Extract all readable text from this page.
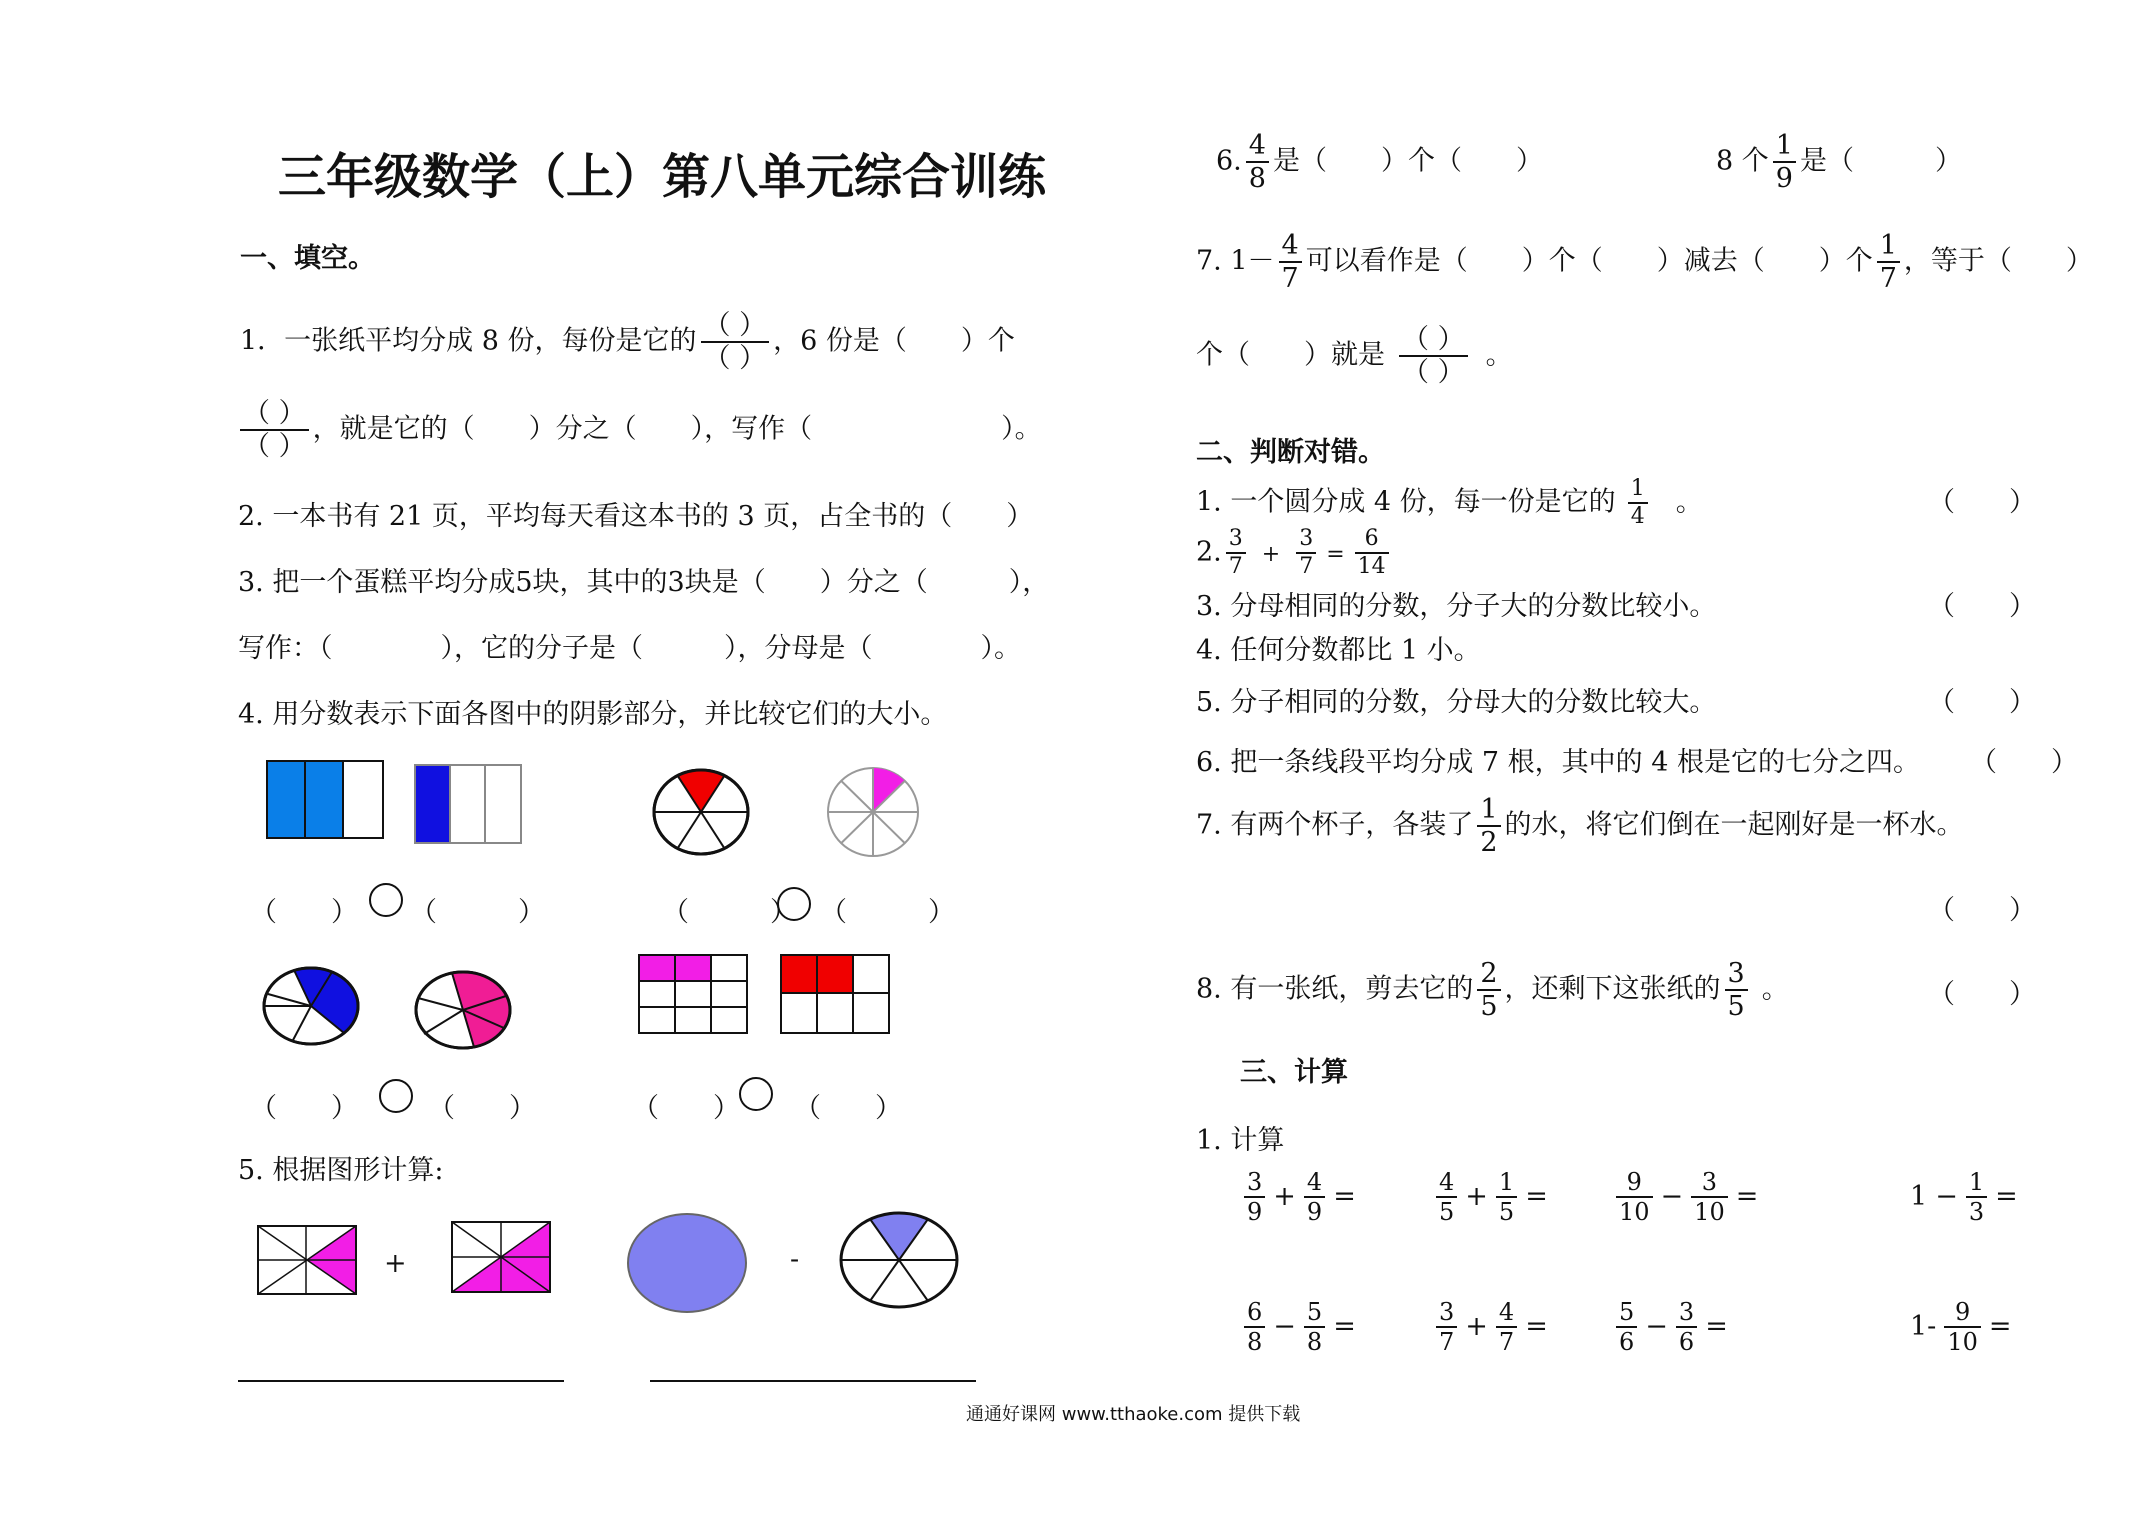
三年级数学（上）第八单元综合训练
一、填空。
1．一张纸平均分成 8 份，每份是它的 $\frac{( )}{( )}$ ，6 份是（　　）个
$\frac{( )}{( )}$ ，就是它的（　　）分之（　　），写作（　　　　　　　）。
2. 一本书有 21 页，平均每天看这本书的 3 页，占全书的（　　）
3. 把一个蛋糕平均分成5块，其中的3块是（　　）分之（　　　），
写作：（　　　　），它的分子是（　　　），分母是（　　　　）。
4. 用分数表示下面各图中的阴影部分，并比较它们的大小。
（　　） （　　　）	（　　　） （　　　）
（　　）	（　　）	（　　） （　　）
5. 根据图形计算:
+	-
6. $\frac{4}{8}$ 是（　　）个（　　）	8 个 $\frac{1}{9}$ 是（　　　）
7. $1- \frac{4}{7}$ 可以看作是（　　）个（　　）减去（　　）个 $\frac{1}{7}$ ，等于（　　）
个（　　）就是 $\frac{( )}{( )}$ 。
二、判断对错。
1. 一个圆分成 4 份，每一份是它的 $\frac{1}{4}$ 。	（　　）
2. $\frac{3}{7} + \frac{3}{7} = \frac{6}{14}$
3. 分母相同的分数，分子大的分数比较小。	（　　）
4. 任何分数都比 1 小。
5. 分子相同的分数，分母大的分数比较大。	（　　）
6. 把一条线段平均分成 7 根，其中的 4 根是它的七分之四。 （　　）
7. 有两个杯子，各装了 $\frac{1}{2}$ 的水，将它们倒在一起刚好是一杯水。
（　　）
8. 有一张纸，剪去它的 $\frac{2}{5}$ ，还剩下这张纸的 $\frac{3}{5}$ 。	（　　）
三、计算
1. 计算
通通好课网 www.tthaoke.com 提供下载
$\frac{3}{9} + \frac{4}{9}$ =	$\frac{4}{5} + \frac{1}{5}$ =	$\frac{9}{10} - \frac{3}{10}$ =	$1 - \frac{1}{3}$ =
$\frac{6}{8} - \frac{5}{8}$ =	$\frac{3}{7} + \frac{4}{7}$ =	$\frac{5}{6} - \frac{3}{6}$ =	$1- \frac{9}{10}$ =
